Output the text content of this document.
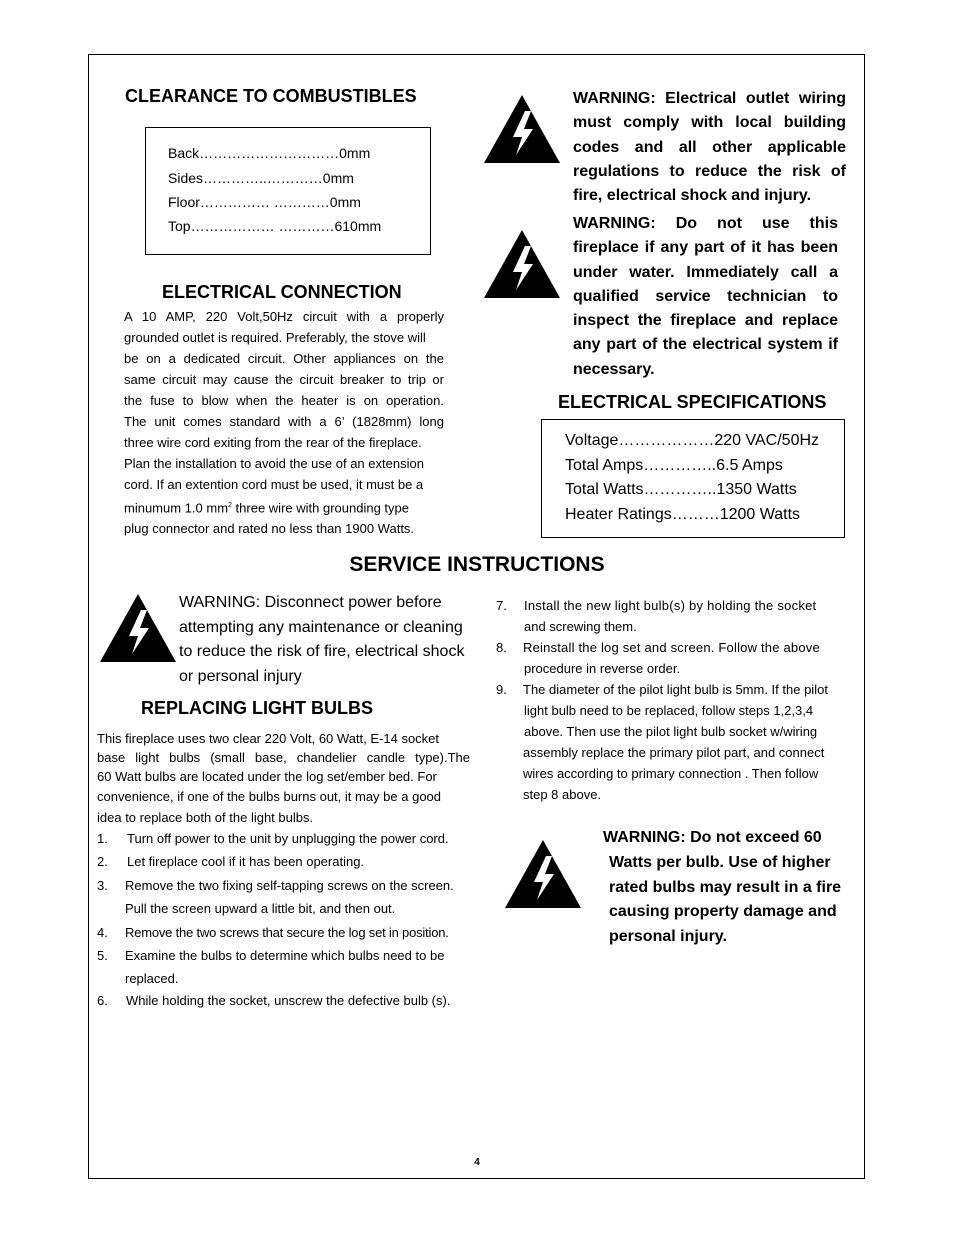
CLEARANCE TO COMBUSTIBLES
Back…………………………0mm
Sides…………..…………0mm
Floor…………… …………0mm
Top……………… …………610mm
ELECTRICAL CONNECTION
A 10 AMP, 220 Volt,50Hz circuit with a properly
grounded outlet is required. Preferably, the stove will
be on a dedicated circuit. Other appliances on the
same circuit may cause the circuit breaker to trip or
the fuse to blow when the heater is on operation.
The unit comes standard with a 6’ (1828mm) long
three wire cord exiting from the rear of the fireplace.
Plan the installation to avoid the use of an extension
cord. If an extention cord must be used, it must be a
minumum 1.0 $mm^2$ three wire with grounding type
plug connector and rated no less than 1900 Watts.

WARNING: Electrical outlet wiring must comply with local building codes and all other applicable regulations to reduce the risk of fire, electrical shock and injury.

WARNING: Do not use this fireplace if any part of it has been under water. Immediately call a qualified service technician to inspect the fireplace and replace any part of the electrical system if necessary.

ELECTRICAL SPECIFICATIONS
Voltage………………220 VAC/50Hz
Total Amps…………..6.5 Amps
Total Watts…………..1350 Watts
Heater Ratings………1200 Watts
SERVICE INSTRUCTIONS
WARNING: Disconnect power before
attempting any maintenance or cleaning
to reduce the risk of fire, electrical shock
or personal injury
REPLACING LIGHT BULBS
This fireplace uses two clear 220 Volt, 60 Watt, E-14 socket
base light bulbs (small base, chandelier candle type).The
60 Watt bulbs are located under the log set/ember bed. For
convenience, if one of the bulbs burns out, it may be a good
idea to replace both of the light bulbs.
1. Turn off power to the unit by unplugging the power cord.
2. Let fireplace cool if it has been operating.
3. Remove the two fixing self-tapping screws on the screen.
Pull the screen upward a little bit, and then out.
4. Remove the two screws that secure the log set in position.
5. Examine the bulbs to determine which bulbs need to be
replaced.
6. While holding the socket, unscrew the defective bulb (s).
7. Install the new light bulb(s) by holding the socket
and screwing them.
8. Reinstall the log set and screen. Follow the above
procedure in reverse order.
9. The diameter of the pilot light bulb is 5mm. If the pilot
light bulb need to be replaced, follow steps 1,2,3,4
above. Then use the pilot light bulb socket w/wiring
assembly replace the primary pilot part, and connect
wires according to primary connection . Then follow
step 8 above.
WARNING: Do not exceed 60
Watts per bulb. Use of higher
rated bulbs may result in a fire
causing property damage and
personal injury.
4
